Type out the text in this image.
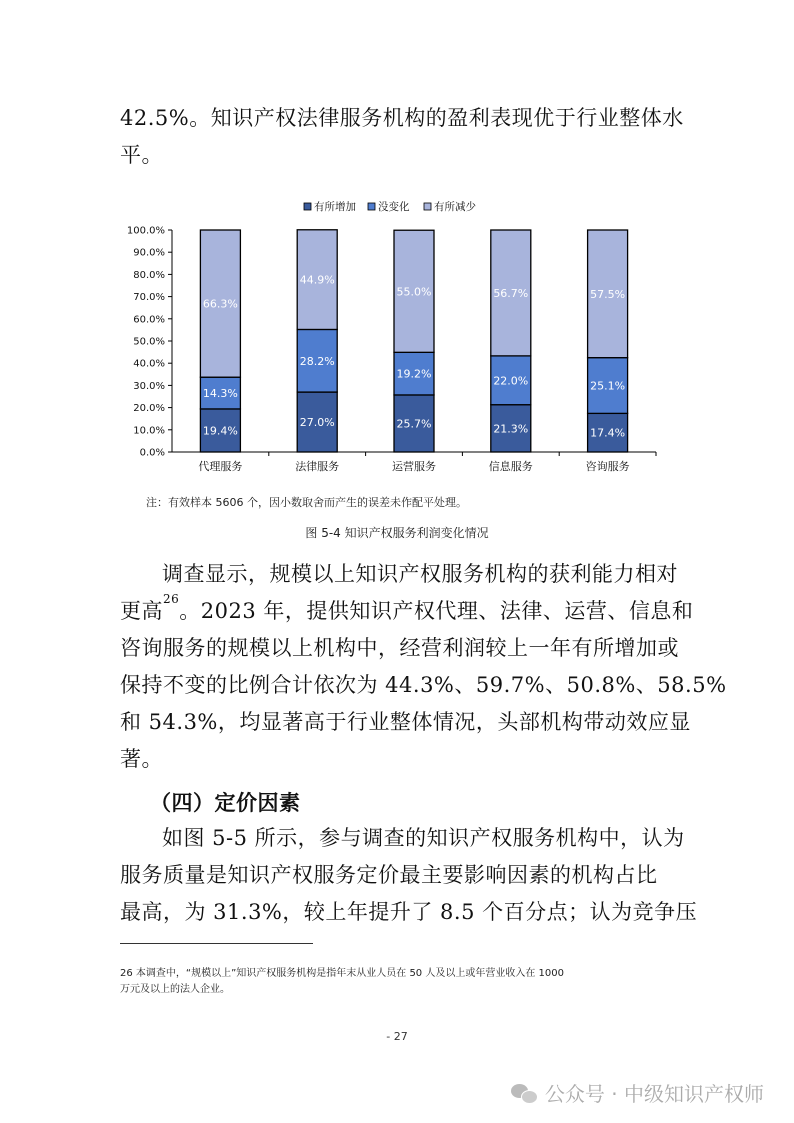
42.5%。知识产权法律服务机构的盈利表现优于行业整体水
平。
0.0%
10.0%
20.0%
30.0%
40.0%
50.0%
60.0%
70.0%
80.0%
90.0%
100.0%
19.4%
14.3%
66.3%
代理服务
27.0%
28.2%
44.9%
法律服务
25.7%
19.2%
55.0%
运营服务
21.3%
22.0%
56.7%
信息服务
17.4%
25.1%
57.5%
咨询服务
有所增加 没变化 有所减少
注：有效样本 5606 个，因小数取舍而产生的误差未作配平处理。
图 5-4 知识产权服务利润变化情况
调查显示，规模以上知识产权服务机构的获利能力相对
更高$^{26}$。2023 年，提供知识产权代理、法律、运营、信息和
咨询服务的规模以上机构中，经营利润较上一年有所增加或
保持不变的比例合计依次为 44.3%、59.7%、50.8%、58.5%
和 54.3%，均显著高于行业整体情况，头部机构带动效应显
著。
（四）定价因素
如图 5-5 所示，参与调查的知识产权服务机构中，认为
服务质量是知识产权服务定价最主要影响因素的机构占比
最高，为 31.3%，较上年提升了 8.5 个百分点；认为竞争压
26 本调查中，“规模以上”知识产权服务机构是指年末从业人员在 50 人及以上或年营业收入在 1000
万元及以上的法人企业。
- 27
公众号 · 中级知识产权师
